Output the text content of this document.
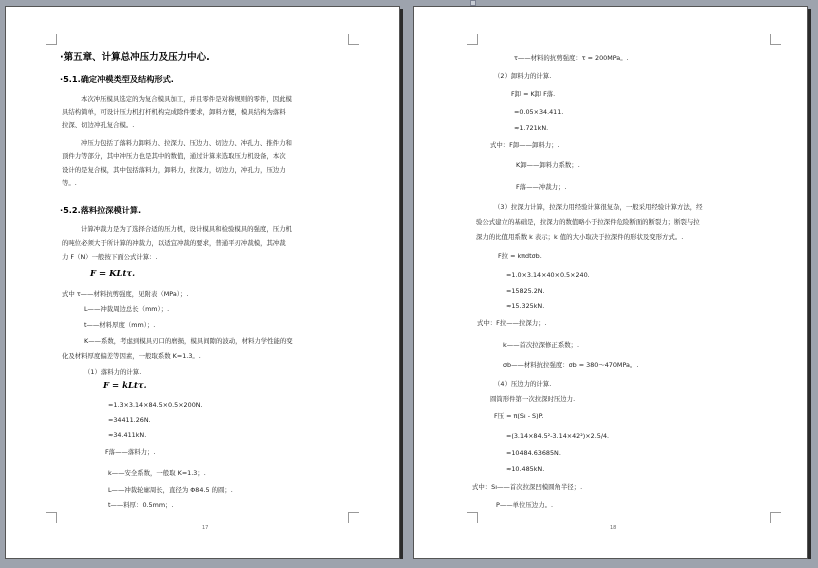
·第五章、计算总冲压力及压力中心.
·5.1.确定冲模类型及结构形式.
本次冲压模具选定的为复合模具加工，并且零件是对称规则的零件，因此模
具结构简单，可设计压力机打杆机构完成除件要求，卸料方便，模具结构为落料
拉深、切边冲孔复合模。.
冲压力包括了落料力卸料力、拉深力、压边力、切边力、冲孔力、推件力和
顶件力等部分，其中冲压力也是其中的数值，通过计算来选取压力机设备，本次
设计的是复合模，其中包括落料力，卸料力，拉深力，切边力，冲孔力，压边力
等。.
·5.2.落料拉深模计算.
计算冲裁力是为了选择合适的压力机，设计模具和检验模具的强度，压力机
的吨位必须大于所计算的冲裁力，以适宜冲裁的要求，普通平刃冲裁模，其冲裁
力 F（N）一般按下面公式计算：.
F = KLtτ.
式中 τ——材料抗剪强度，见附表（MPa）；.
L——冲裁周边总长（mm）；.
t——材料厚度（mm）；.
K——系数，考虑到模具刃口的磨损，模具间隙的波动，材料力学性能的变
化及材料厚度偏差等因素，一般取系数 K=1.3。.
（1）落料力的计算.
F = kLtτ.
=1.3×3.14×84.5×0.5×200N.
=34411.26N.
≈34.411kN.
F落——落料力；.
k——安全系数，一般取 K=1.3；.
L——冲裁轮廓周长，直径为 Φ84.5 的圆；.
t——料厚：0.5mm；.
17
τ——材料的抗剪强度：τ = 200MPa。.
（2）卸料力的计算.
F卸 = K卸 F落.
=0.05×34.411.
≈1.721kN.
式中：F卸——卸料力；.
K卸——卸料力系数；.
F落——冲裁力；.
（3）拉深力计算，拉深力用经验计算很复杂，一般采用经验计算方法，经
验公式建立的基础是，拉深力的数值略小于拉深件危险断面的断裂力；断裂与拉
深力的比值用系数 k 表示；k 值的大小取决于拉深件的形状及变形方式。.
F拉 = kπdtσb.
=1.0×3.14×40×0.5×240.
=15825.2N.
≈15.325kN.
式中：F拉——拉深力；.
k——首次拉深修正系数；.
σb——材料抗拉强度：σb = 380～470MPa。.
（4）压边力的计算.
圆筒形件第一次拉深时压边力.
F压 = π(Sı - S)P.
=(3.14×84.5²-3.14×42²)×2.5/4.
=10484.63685N.
≈10.485kN.
式中：Sı——首次拉深凹模圆角半径；.
P——单位压边力。.
18
